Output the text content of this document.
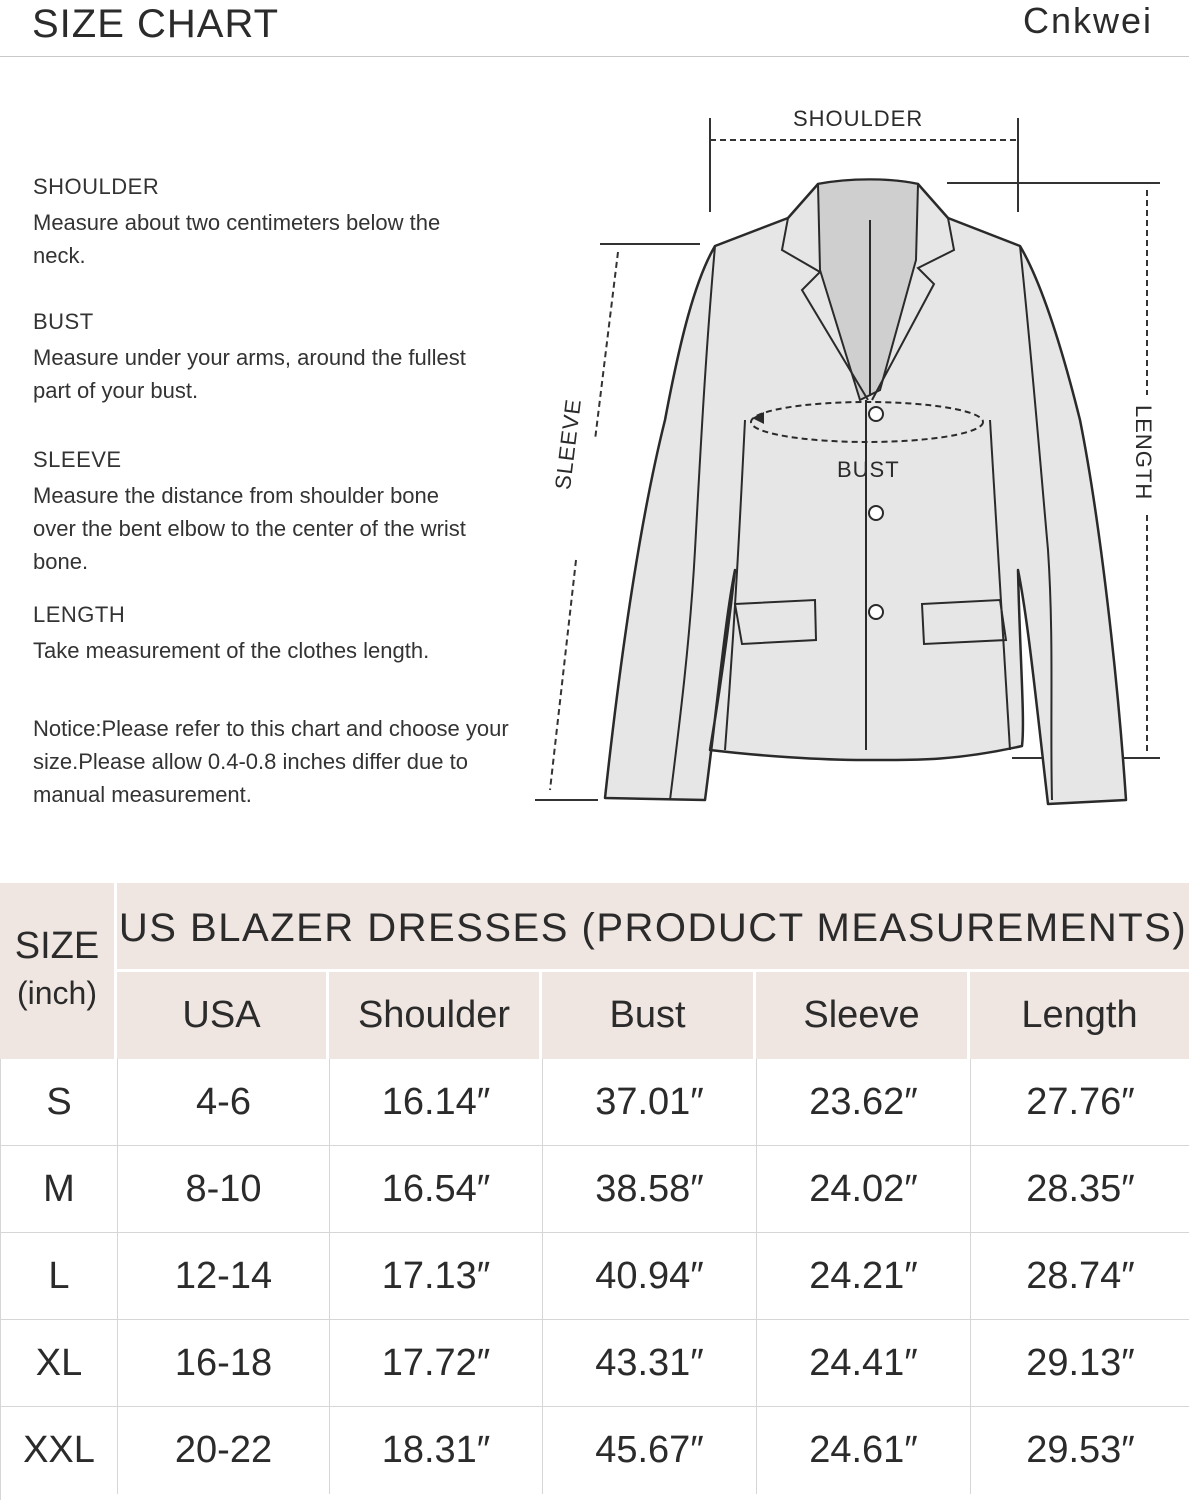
SIZE CHART	Cnkwei
SHOULDER
Measure about two centimeters below the neck.
BUST
Measure under your arms, around the fullest part of your bust.
SLEEVE
Measure the distance from shoulder bone over the bent elbow to the center of the wrist bone.
LENGTH
Take measurement of the clothes length.
Notice:Please refer to this chart and choose your size.Please allow 0.4-0.8 inches differ due to manual measurement.
SHOULDER
BUST
SLEEVE	LENGTH
SIZE
(inch)
US BLAZER DRESSES (PRODUCT MEASUREMENTS)
USA	Shoulder	Bust	Sleeve	Length
S	4-6	16.14″	37.01″	23.62″	27.76″
M	8-10	16.54″	38.58″	24.02″	28.35″
L	12-14	17.13″	40.94″	24.21″	28.74″
XL	16-18	17.72″	43.31″	24.41″	29.13″
XXL	20-22	18.31″	45.67″	24.61″	29.53″
